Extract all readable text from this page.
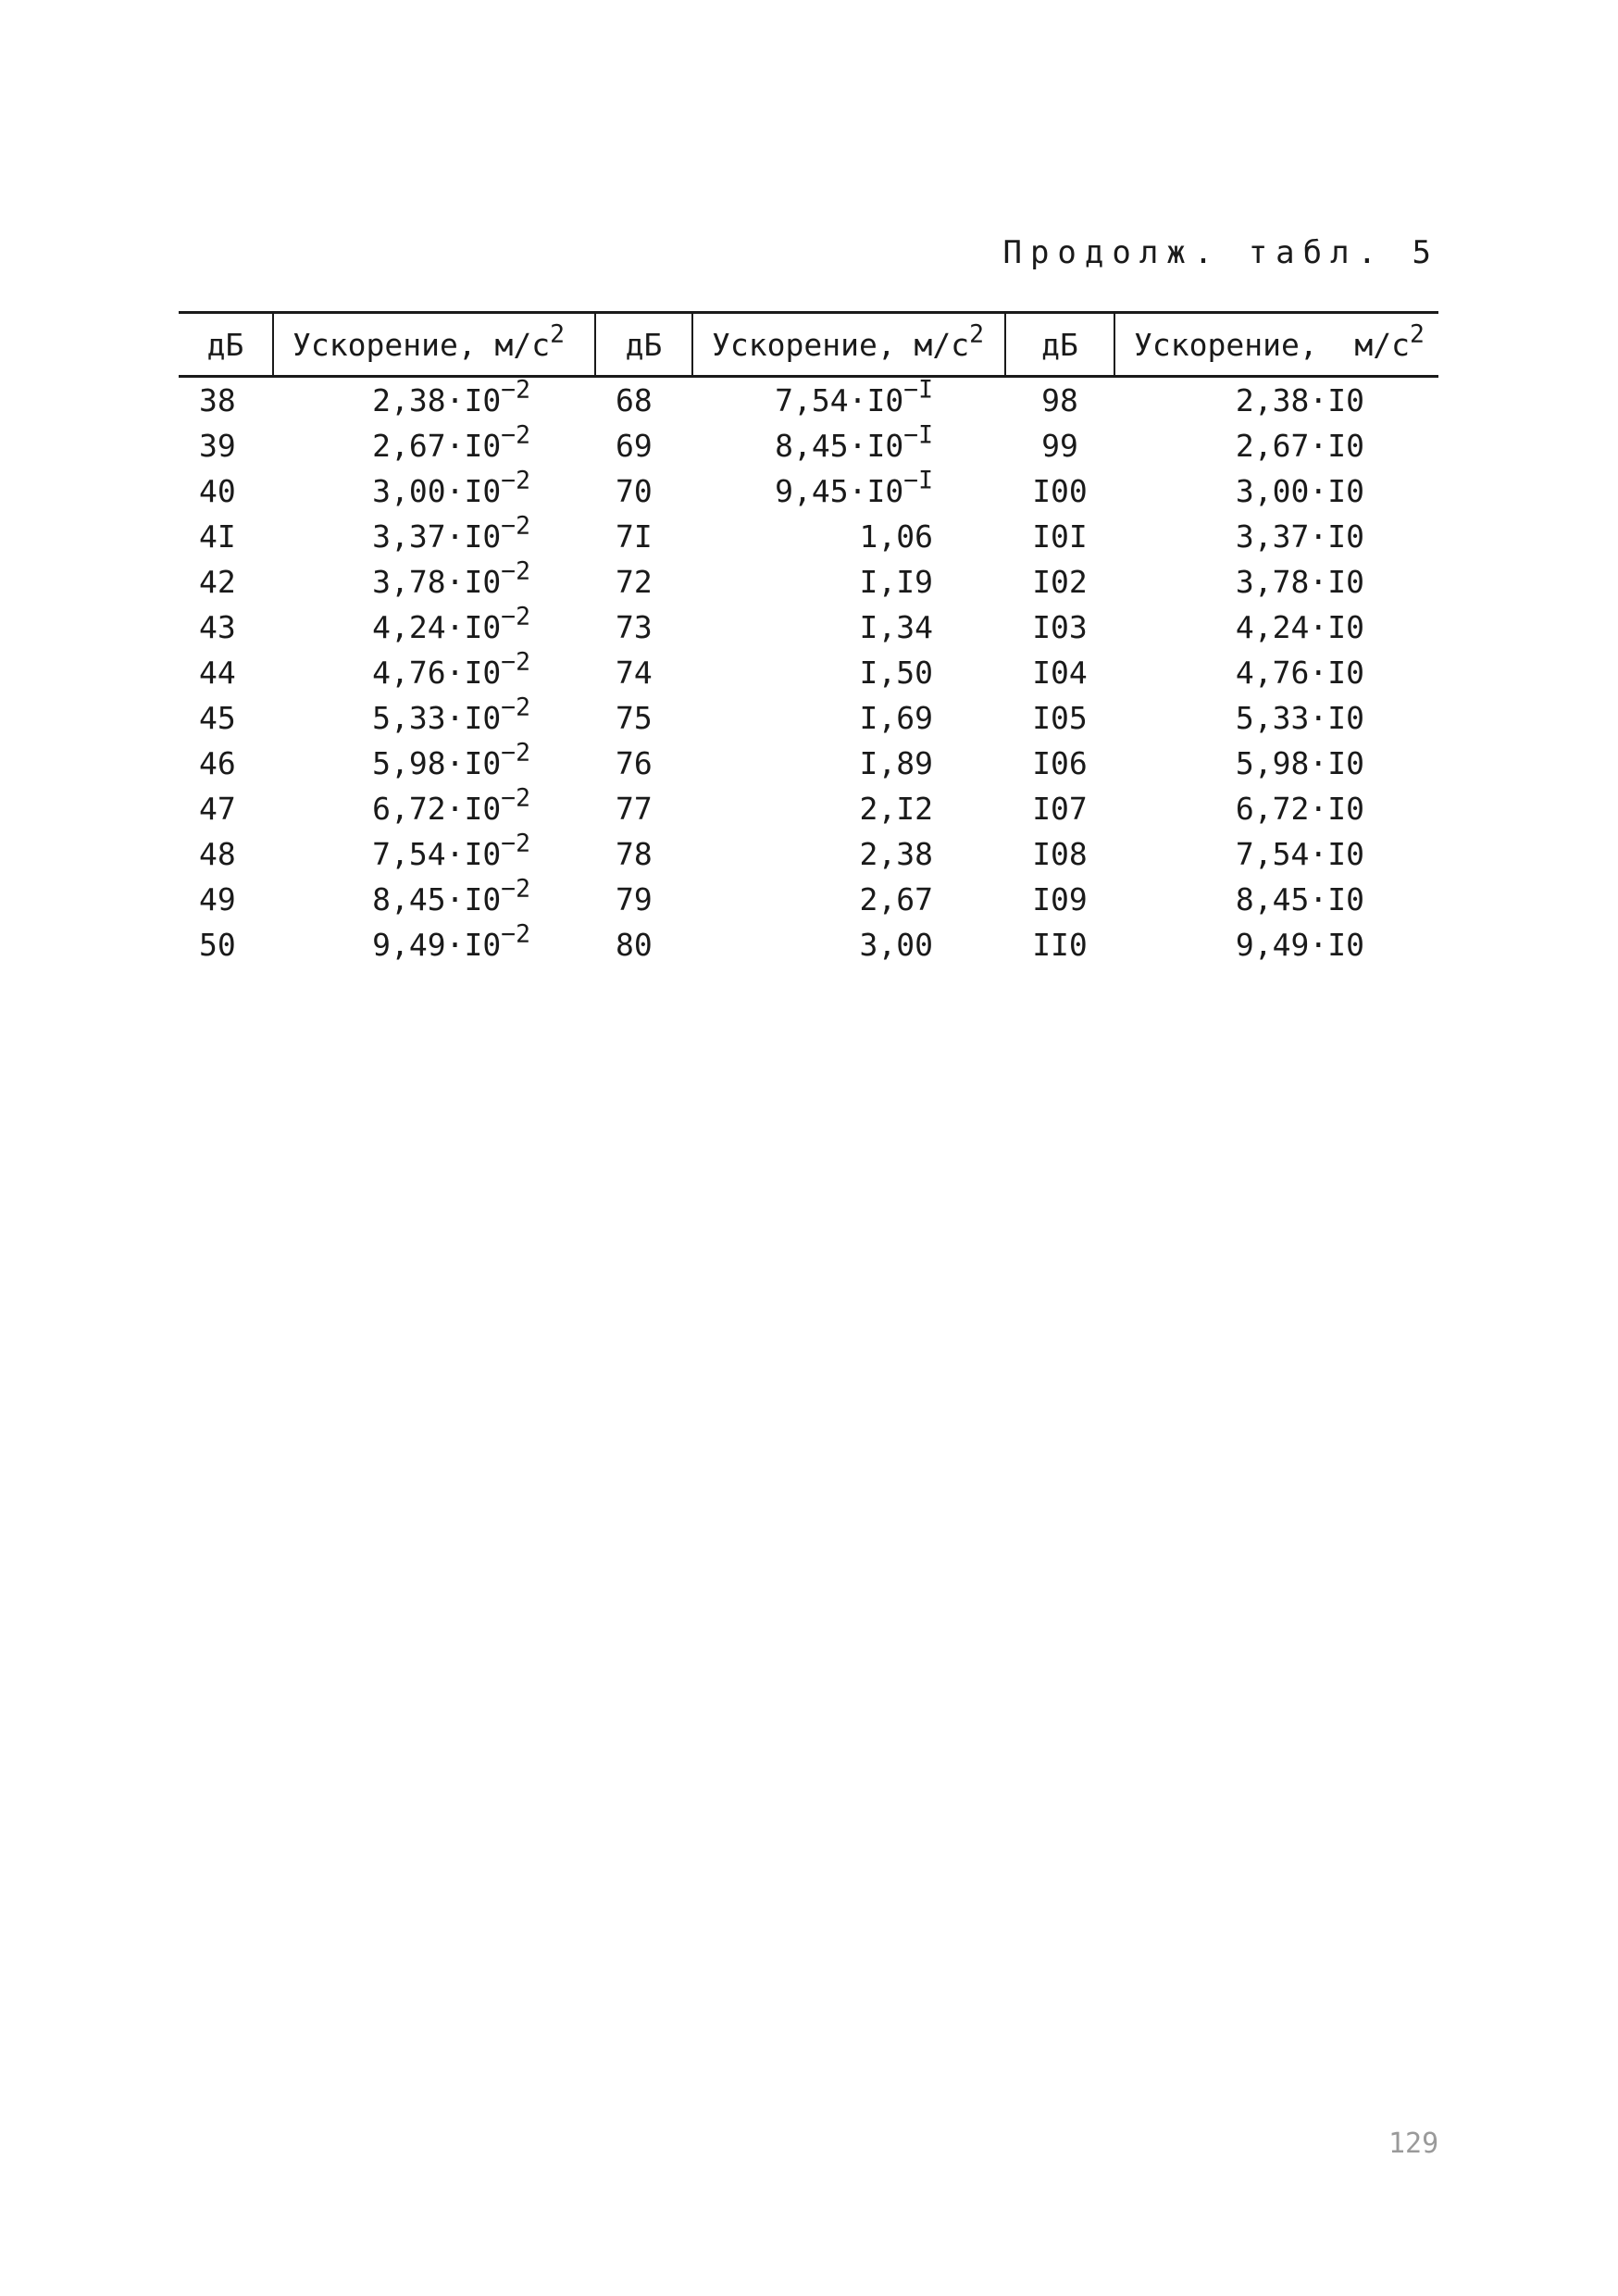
Продолж. табл. 5
дБ	Ускорение, $м/с^2$	дБ	Ускорение, $м/с^2$	дБ	Ускорение,  $м/с^2$
38	$2,38\cdot I0^{-2}$	68	$7,54\cdot I0^{-I}$	98	2,38·I0
39	$2,67\cdot I0^{-2}$	69	$8,45\cdot I0^{-I}$	99	2,67·I0
40	$3,00\cdot I0^{-2}$	70	$9,45\cdot I0^{-I}$	I00	3,00·I0
4I	$3,37\cdot I0^{-2}$	7I	1,06	I0I	3,37·I0
42	$3,78\cdot I0^{-2}$	72	I,I9	I02	3,78·I0
43	$4,24\cdot I0^{-2}$	73	I,34	I03	4,24·I0
44	$4,76\cdot I0^{-2}$	74	I,50	I04	4,76·I0
45	$5,33\cdot I0^{-2}$	75	I,69	I05	5,33·I0
46	$5,98\cdot I0^{-2}$	76	I,89	I06	5,98·I0
47	$6,72\cdot I0^{-2}$	77	2,I2	I07	6,72·I0
48	$7,54\cdot I0^{-2}$	78	2,38	I08	7,54·I0
49	$8,45\cdot I0^{-2}$	79	2,67	I09	8,45·I0
50	$9,49\cdot I0^{-2}$	80	3,00	II0	9,49·I0
129
